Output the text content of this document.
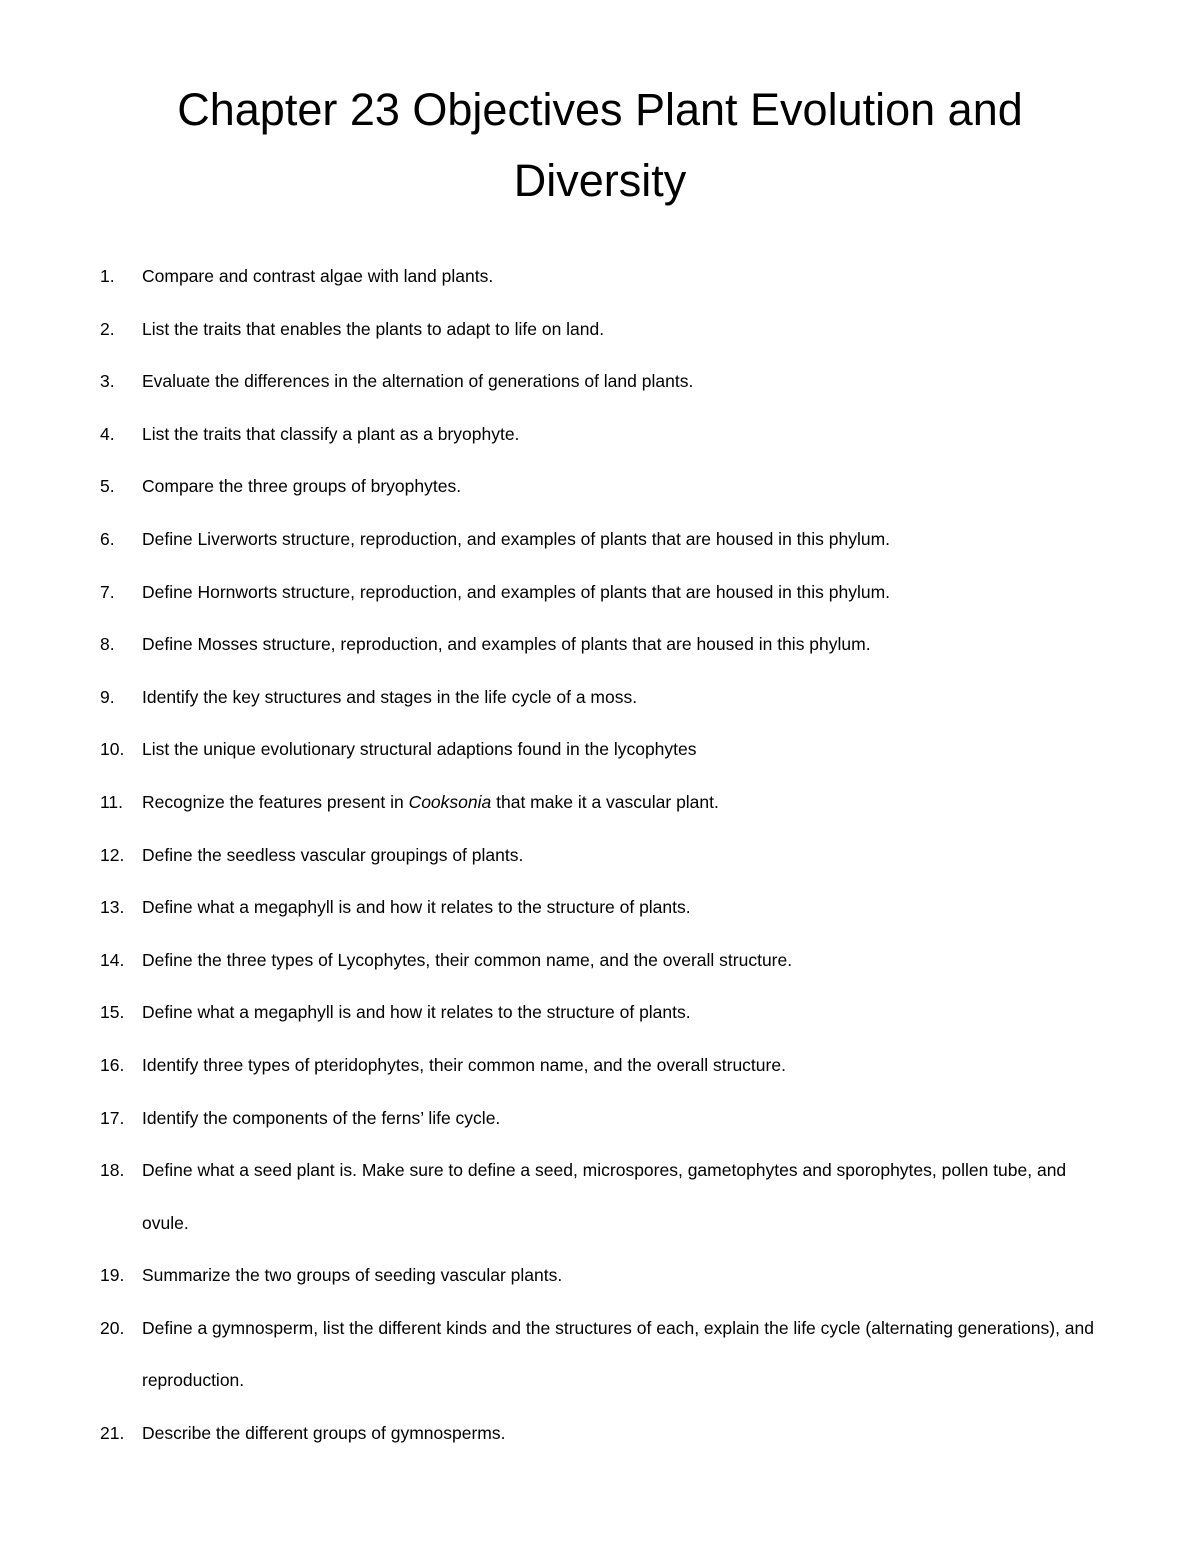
Chapter 23 Objectives Plant Evolution and Diversity
1.	Compare and contrast algae with land plants.
2.	List the traits that enables the plants to adapt to life on land.
3.	Evaluate the differences in the alternation of generations of land plants.
4.	List the traits that classify a plant as a bryophyte.
5.	Compare the three groups of bryophytes.
6.	Define Liverworts structure, reproduction, and examples of plants that are housed in this phylum.
7.	Define Hornworts structure, reproduction, and examples of plants that are housed in this phylum.
8.	Define Mosses structure, reproduction, and examples of plants that are housed in this phylum.
9.	Identify the key structures and stages in the life cycle of a moss.
10.	List the unique evolutionary structural adaptions found in the lycophytes
11.	Recognize the features present in Cooksonia that make it a vascular plant.
12.	Define the seedless vascular groupings of plants.
13.	Define what a megaphyll is and how it relates to the structure of plants.
14.	Define the three types of Lycophytes, their common name, and the overall structure.
15.	Define what a megaphyll is and how it relates to the structure of plants.
16.	Identify three types of pteridophytes, their common name, and the overall structure.
17.	Identify the components of the ferns’ life cycle.
18.	Define what a seed plant is. Make sure to define a seed, microspores, gametophytes and sporophytes, pollen tube, and ovule.
19.	Summarize the two groups of seeding vascular plants.
20.	Define a gymnosperm, list the different kinds and the structures of each, explain the life cycle (alternating generations), and reproduction.
21.	Describe the different groups of gymnosperms.
